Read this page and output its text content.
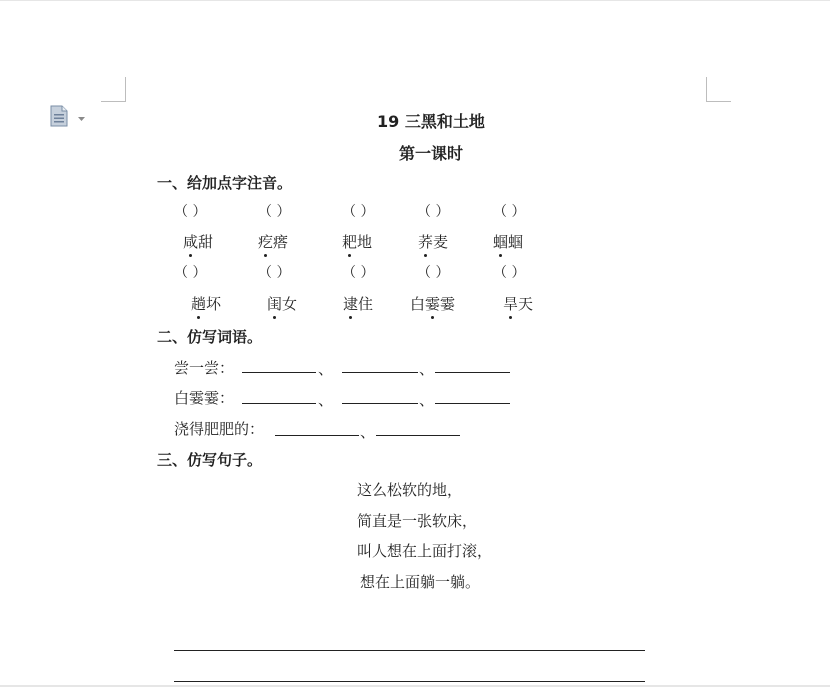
19 三黑和土地
第一课时
一、给加点字注音。
（ ）	（ ）	（ ）	（ ）	（ ）
咸甜	疙瘩	耙地	荞麦	蝈蝈
（ ）	（ ）	（ ）	（ ）	（ ）
趟坏	闺女	逮住 白霎霎	旱天
二、仿写词语。
尝一尝：	、	、
白霎霎：	、	、
浇得肥肥的：	、
三、仿写句子。
这么松软的地，
简直是一张软床，
叫人想在上面打滚，
想在上面躺一躺。
